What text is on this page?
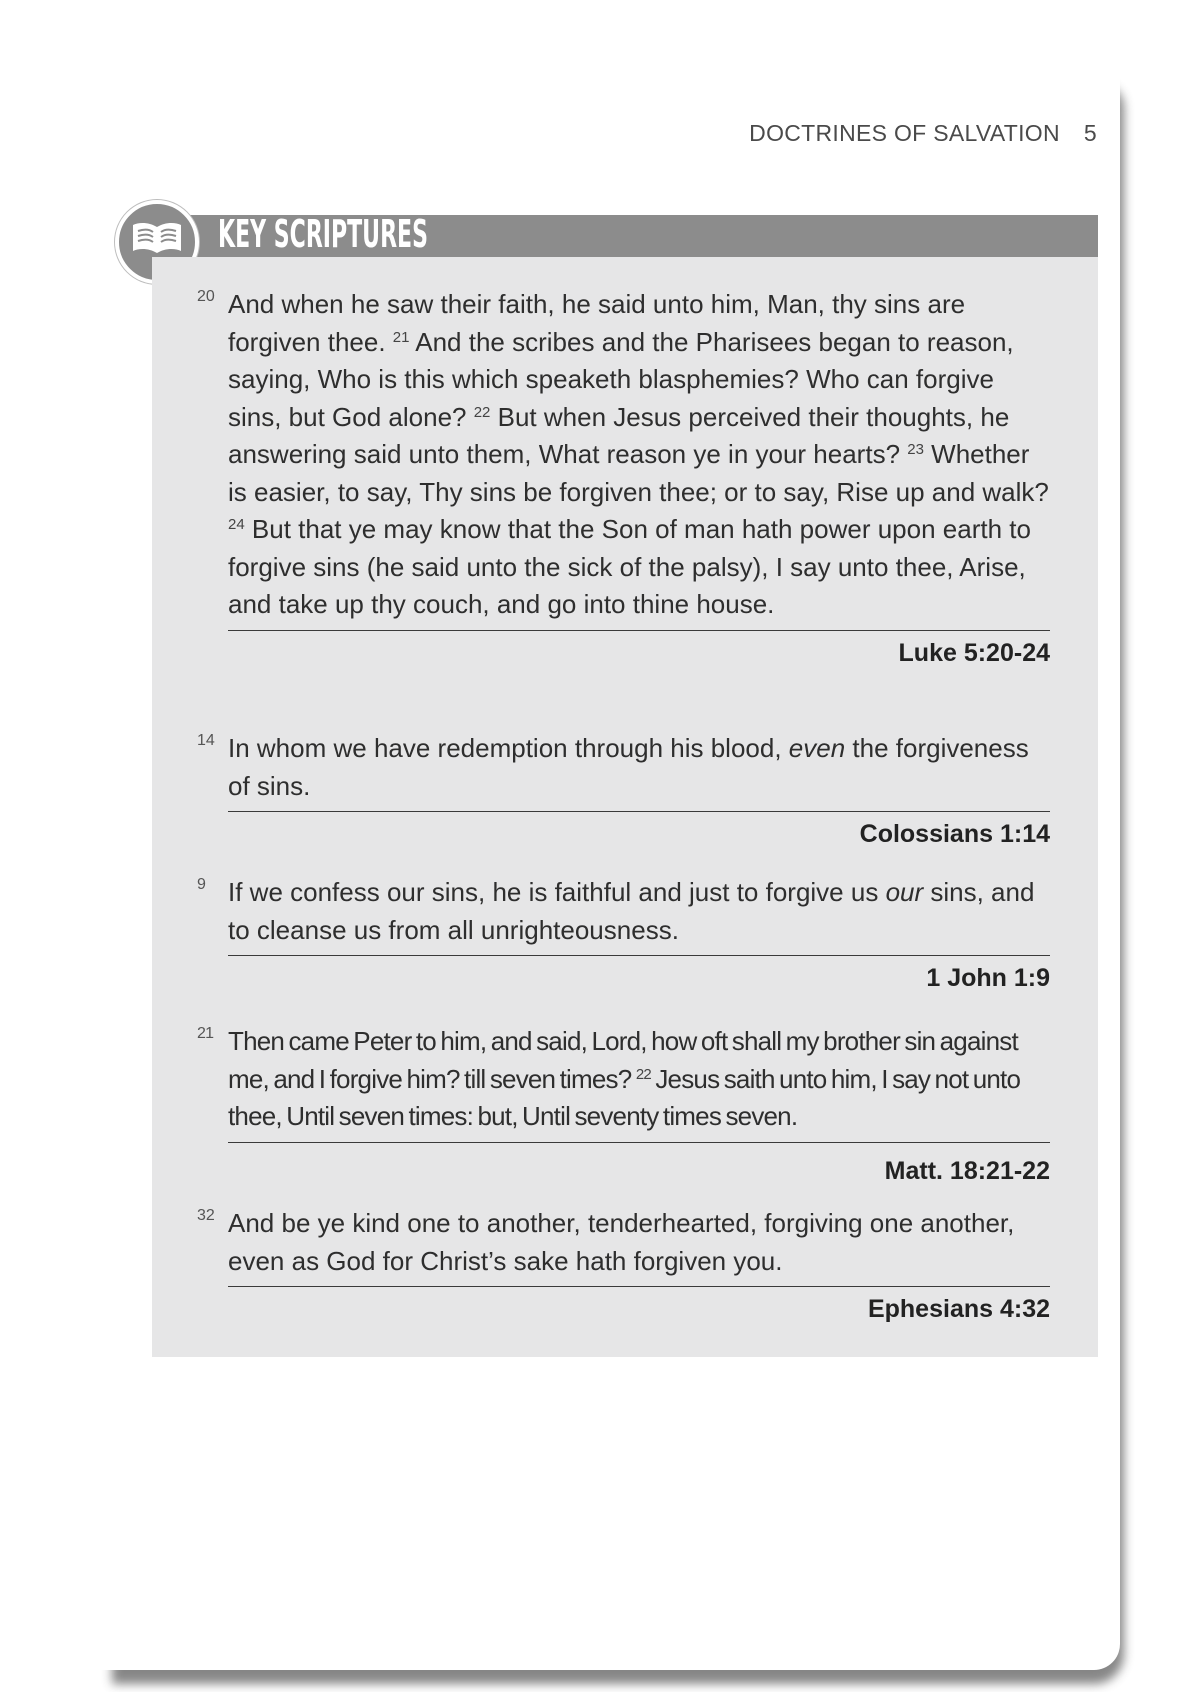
DOCTRINES OF SALVATION 5
KEY SCRIPTURES

20 And when he saw their faith, he said unto him, Man, thy sins are forgiven thee. $^{21}$ And the scribes and the Pharisees began to reason, saying, Who is this which speaketh blasphemies? Who can forgive sins, but God alone? $^{22}$ But when Jesus perceived their thoughts, he answering said unto them, What reason ye in your hearts? $^{23}$ Whether is easier, to say, Thy sins be forgiven thee; or to say, Rise up and walk? $^{24}$ But that ye may know that the Son of man hath power upon earth to forgive sins (he said unto the sick of the palsy), I say unto thee, Arise, and take up thy couch, and go into thine house.

Luke 5:20-24

14 In whom we have redemption through his blood, even the forgiveness of sins.

Colossians 1:14

9 If we confess our sins, he is faithful and just to forgive us our sins, and to cleanse us from all unrighteousness.

1 John 1:9

21 Then came Peter to him, and said, Lord, how oft shall my brother sin against me, and I forgive him? till seven times? $^{22}$ Jesus saith unto him, I say not unto thee, Until seven times: but, Until seventy times seven.

Matt. 18:21-22

32 And be ye kind one to another, tenderhearted, forgiving one another, even as God for Christ’s sake hath forgiven you.

Ephesians 4:32
